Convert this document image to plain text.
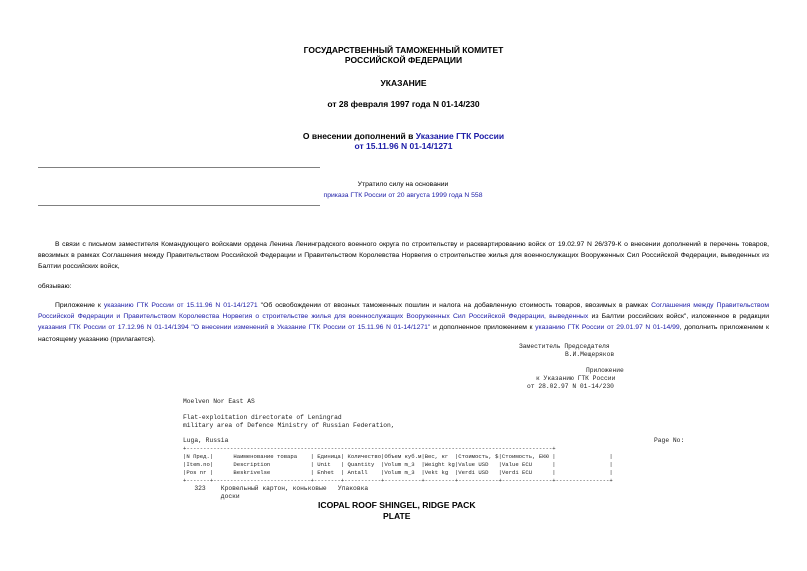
ГОСУДАРСТВЕННЫЙ ТАМОЖЕННЫЙ КОМИТЕТ
РОССИЙСКОЙ ФЕДЕРАЦИИ
УКАЗАНИЕ
от 28 февраля 1997 года N 01-14/230
О внесении дополнений в Указание ГТК России
от 15.11.96 N 01-14/1271
Утратило силу на основании
приказа ГТК России от 20 августа 1999 года N 558
В связи с письмом заместителя Командующего войсками ордена Ленина Ленинградского военного округа по строительству и расквартированию войск от 19.02.97 N 26/379-К о внесении дополнений в перечень товаров, ввозимых в рамках Соглашения между Правительством Российской Федерации и Правительством Королевства Норвегия о строительстве жилья для военнослужащих Вооруженных Сил Российской Федерации, выведенных из Балтии российских войск,
обязываю:
Приложение к указанию ГТК России от 15.11.96 N 01-14/1271 "Об освобождении от ввозных таможенных пошлин и налога на добавленную стоимость товаров, ввозимых в рамках Соглашения между Правительством Российской Федерации и Правительством Королевства Норвегия о строительстве жилья для военнослужащих Вооруженных Сил Российской Федерации, выведенных из Балтии российских войск", изложенное в редакции указания ГТК России от 17.12.96 N 01-14/1394 "О внесении изменений в Указание ГТК России от 15.11.96 N 01-14/1271" и дополненное приложением к указанию ГТК России от 29.01.97 N 01-14/99, дополнить приложением к настоящему указанию (прилагается).
Заместитель Председателя
В.И.Мещеряков
Приложение
к Указанию ГТК России
от 28.02.97 N 01-14/230
Moelven Nor East AS
Flat-exploitation directorate of Leningrad
military area of Defence Ministry of Russian Federation,
Luga, Russia	Page No:
+-------------------------------------------------------------------------------------------------------------+
|N Пред.|      Наименование товара    | Единица| Количество|Объем куб.м|Вес, кг  |Стоимость, $|Стоимость, ЕКЮ |                |
|Item.no|      Description            | Unit   | Quantity  |Volum m_3  |Weight kg|Value USD   |Value ECU      |                |
|Pos nr |      Beskrivelse            | Enhet  | Antall    |Volum m_3  |Vekt kg  |Verdi USD   |Verdi ECU      |                |
+-------+-----------------------------+--------+-----------+-----------+---------+------------+---------------+----------------+
323    Кровельный картон, коньковые   Упаковка
доски
ICOPAL ROOF SHINGEL, RIDGE PACK
PLATE
